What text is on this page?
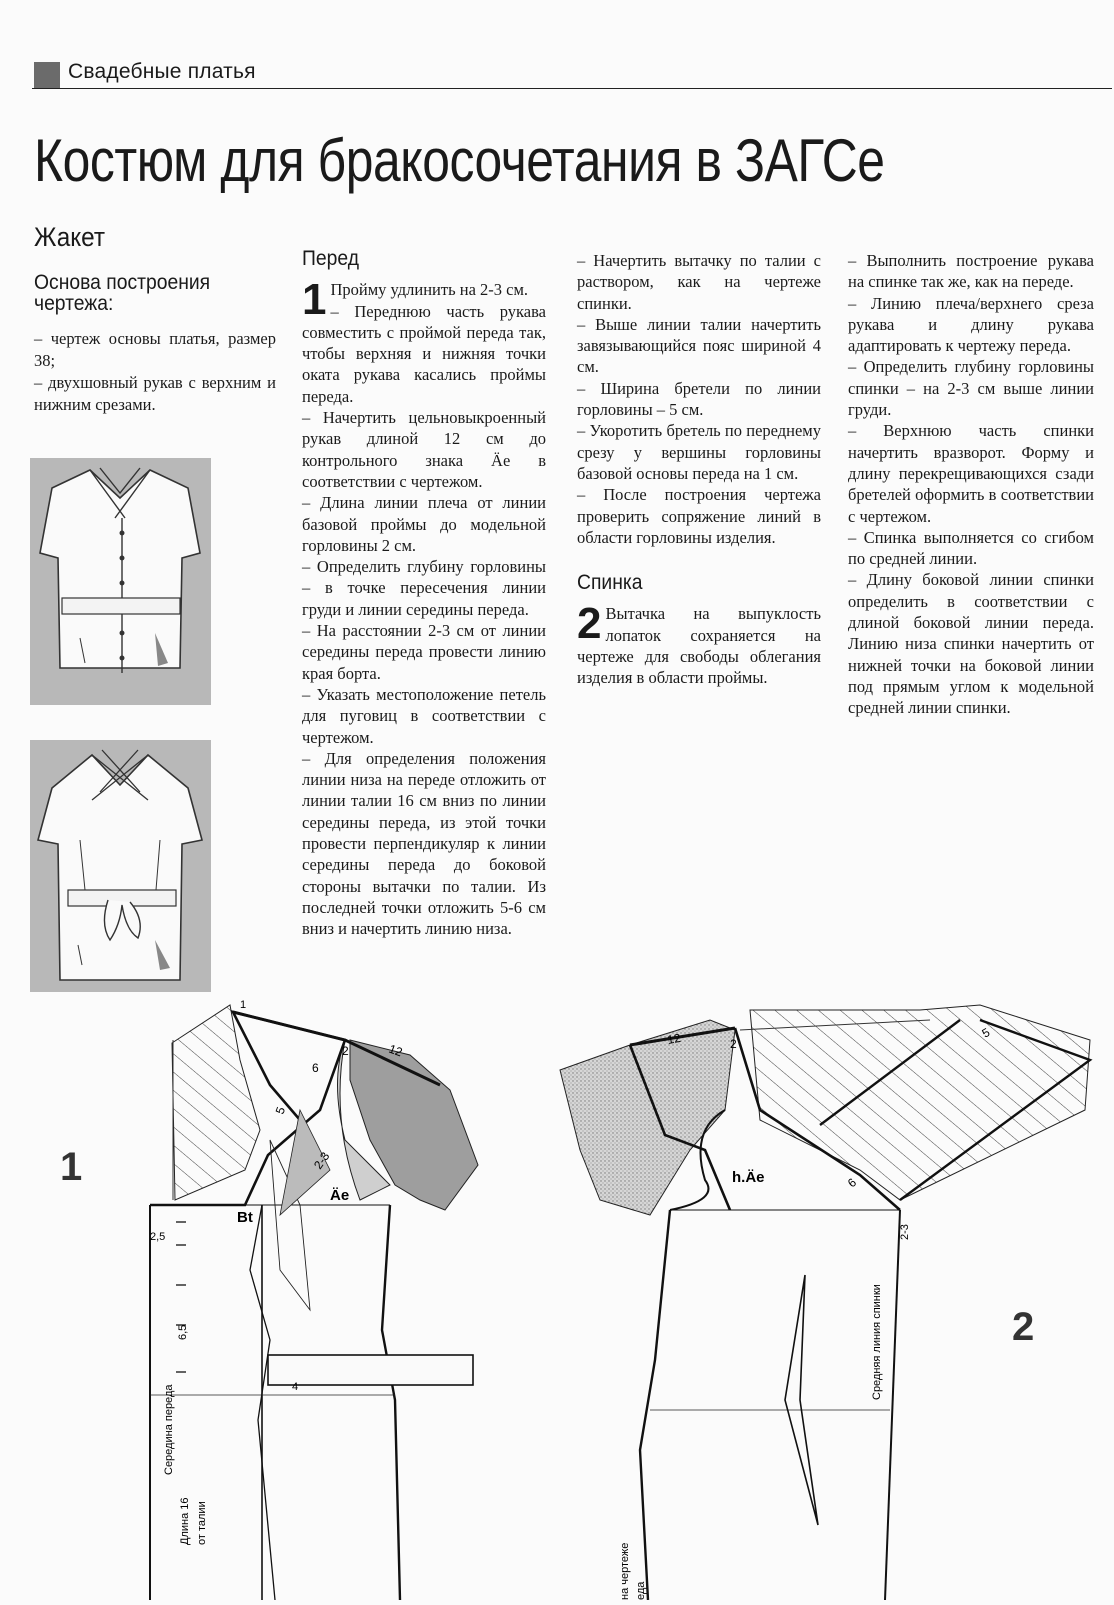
Свадебные платья
Костюм для бракосочетания в ЗАГСе
Жакет
Основа построения чертежа:

– чертеж основы платья, размер 38;

– двухшовный рукав с верхним и нижним срезами.

Перед
1 Пройму удлинить на 2-3 см.

– Переднюю часть рукава совместить с проймой переда так, чтобы верхняя и нижняя точки оката рукава касались проймы переда.

– Начертить цельновыкроенный рукав длиной 12 см до контрольного знака Äe в соответствии с чертежом.

– Длина линии плеча от линии базовой проймы до модельной горловины 2 см.

– Определить глубину горловины – в точке пересечения линии груди и линии середины переда.

– На расстоянии 2-3 см от линии середины переда провести линию края борта.

– Указать местоположение петель для пуговиц в соответствии с чертежом.

– Для определения положения линии низа на переде отложить от линии талии 16 см вниз по линии середины переда, из этой точки провести перпендикуляр к линии середины переда до боковой стороны вытачки по талии. Из последней точки отложить 5-6 см вниз и начертить линию низа.

– Начертить вытачку по талии с раствором, как на чертеже спинки.

– Выше линии талии начертить завязывающийся пояс шириной 4 см.

– Ширина бретели по линии горловины – 5 см.

– Укоротить бретель по переднему срезу у вершины горловины базовой основы переда на 1 см.

– После построения чертежа проверить сопряжение линий в области горловины изделия.

Спинка
2 Вытачка на выпуклость лопаток сохраняется на чертеже для свободы облегания изделия в области проймы.

– Выполнить построение рукава на спинке так же, как на переде.

– Линию плеча/верхнего среза рукава и длину рукава адаптировать к чертежу переда.

– Определить глубину горловины спинки – на 2-3 см выше линии груди.

– Верхнюю часть спинки начертить вразворот. Форму и длину перекрещивающихся сзади бретелей оформить в соответствии с чертежом.

– Спинка выполняется со сгибом по средней линии.

– Длину боковой линии спинки определить в соответствии с длиной боковой линии переда. Линию низа спинки начертить от нижней точки на боковой линии под прямым углом к модельной средней линии спинки.

1
2	12
6
5
2-3
Äe
Bt
2,5
6,5
4
Середина переда
Длина 16 от талии
1
12	2
5
h.Äe	6
2-3
Средняя линия спинки
на чертеже еда
2
